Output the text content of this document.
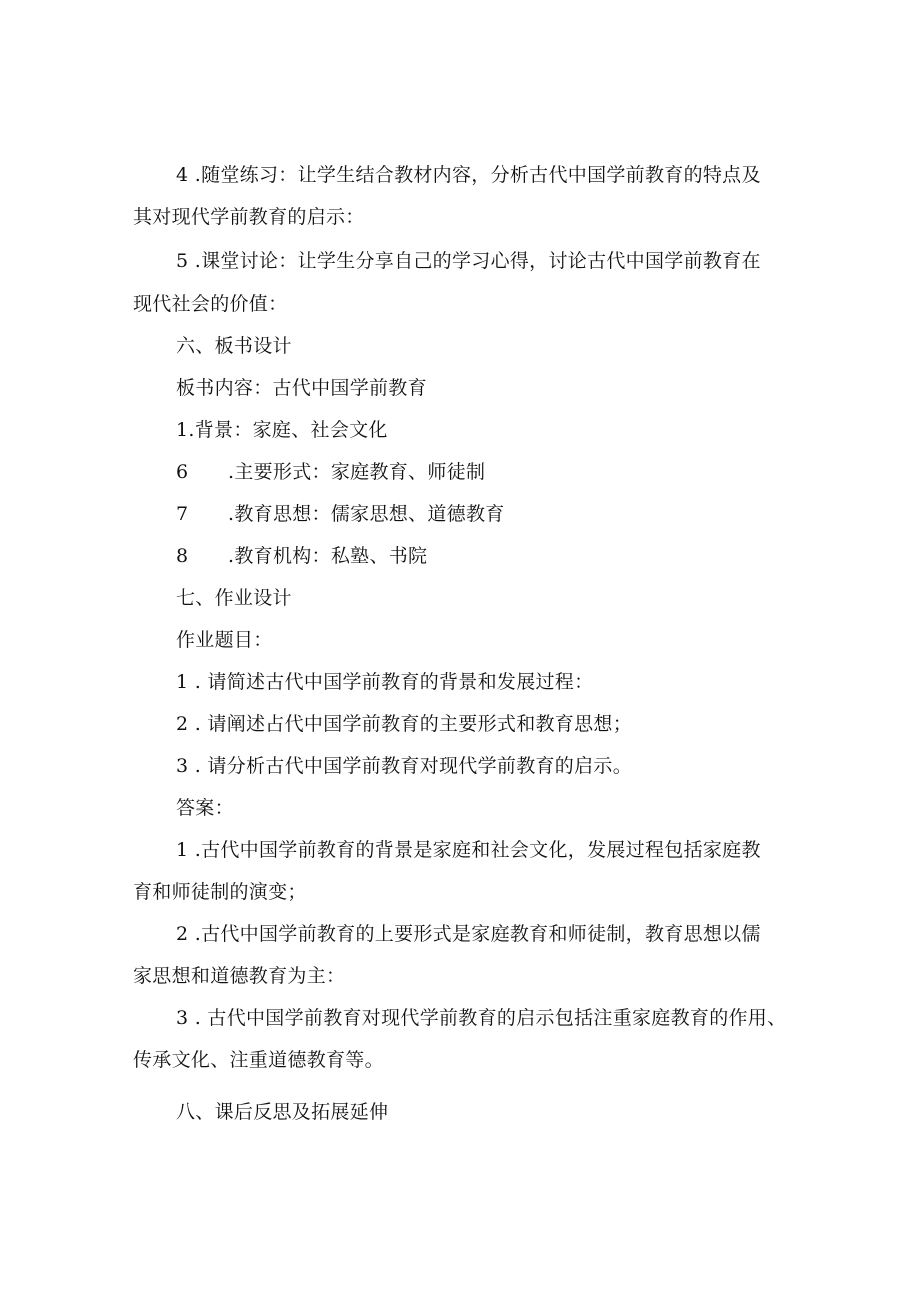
4 .随堂练习：让学生结合教材内容，分析古代中国学前教育的特点及
其对现代学前教育的启示：
5 .课堂讨论：让学生分享自己的学习心得，讨论古代中国学前教育在
现代社会的价值：
六、板书设计
板书内容：古代中国学前教育
1.背景：家庭、社会文化
6 .主要形式：家庭教育、师徒制
7 .教育思想：儒家思想、道德教育
8 .教育机构：私塾、书院
七、作业设计
作业题目：
1 . 请简述古代中国学前教育的背景和发展过程：
2 . 请阐述占代中国学前教育的主要形式和教育思想；
3 . 请分析古代中国学前教育对现代学前教育的启示。
答案：
1 .古代中国学前教育的背景是家庭和社会文化，发展过程包括家庭教
育和师徒制的演变；
2 .古代中国学前教育的上要形式是家庭教育和师徒制，教育思想以儒
家思想和道德教育为主：
3 . 古代中国学前教育对现代学前教育的启示包括注重家庭教育的作用、
传承文化、注重道德教育等。
八、课后反思及拓展延伸
